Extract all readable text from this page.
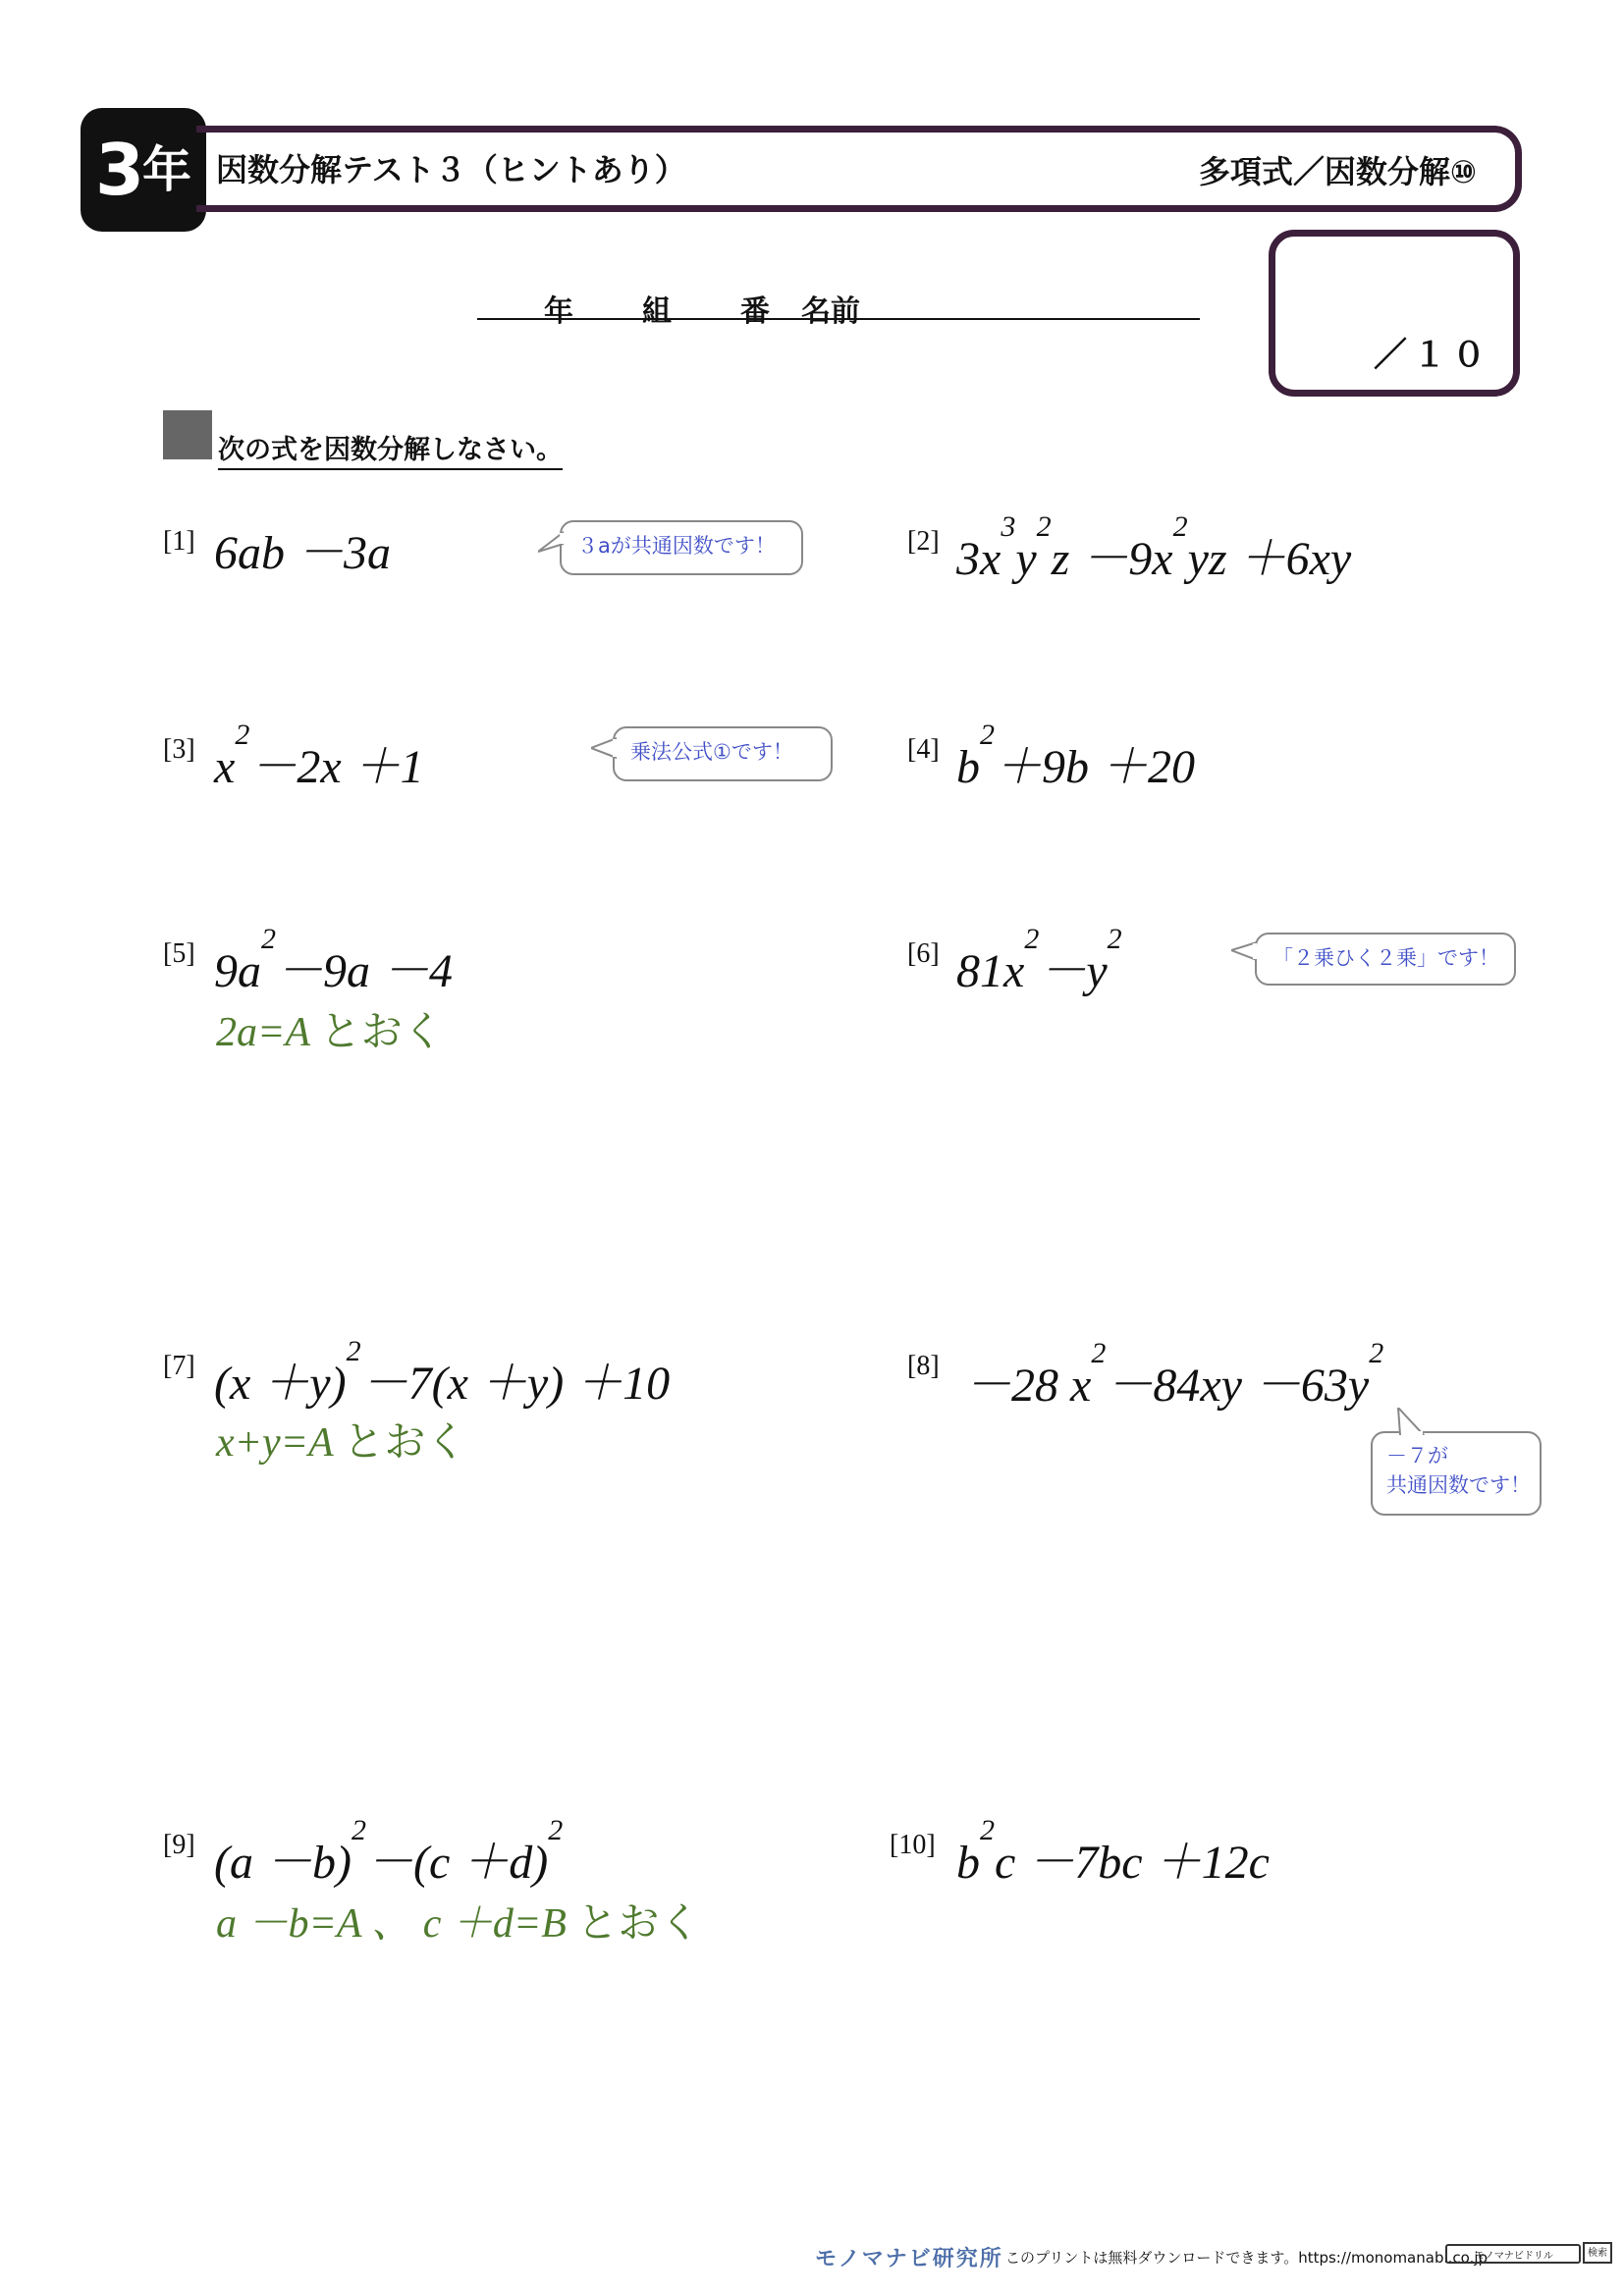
3 年 因数分解テスト３（ヒントあり）	多項式／因数分解⑩
年 組 番 名前
／１０
次の式を因数分解しなさい。
[1] 6ab －3a	３aが共通因数です！	[2] $3x^3y^2z -9x^2yz +6xy$
[3] $x^2-2x +1$	乗法公式①です！	[4] $b^2+9b +20$
[5] $9a^2-9a -4$
2a=A とおく
[6] $81x^2-y^2$
「２乗ひく２乗」です！
[7] $(x +y)^2-7(x +y) +10$
x+y=A とおく
[8] －28 $x^2-84xy -63y^2$
－７が
共通因数です！
[9] $(a -b)^2-(c +d)^2$
a －b=A 、 c ＋d=B とおく
[10] $b^2c -7bc +12c$
モノマナビ研究所 このプリントは無料ダウンロードできます。https://monomanabi.co.jp
モノマナビドリル	検索
